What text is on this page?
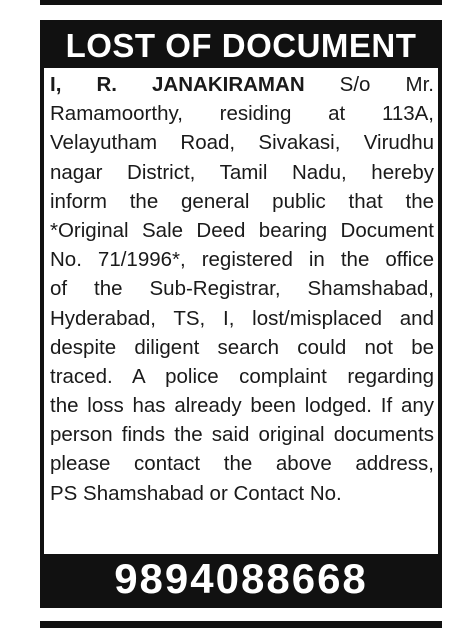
LOST OF DOCUMENT
I, R. JANAKIRAMAN S/o Mr.
Ramamoorthy, residing at 113A,
Velayutham Road, Sivakasi, Virudhu
nagar District, Tamil Nadu, hereby
inform the general public that the
*Original Sale Deed bearing Document
No. 71/1996*, registered in the office
of the Sub-Registrar, Shamshabad,
Hyderabad, TS, I, lost/misplaced and
despite diligent search could not be
traced. A police complaint regarding
the loss has already been lodged. If any
person finds the said original documents
please contact the above address,
PS Shamshabad or Contact No.
9894088668
